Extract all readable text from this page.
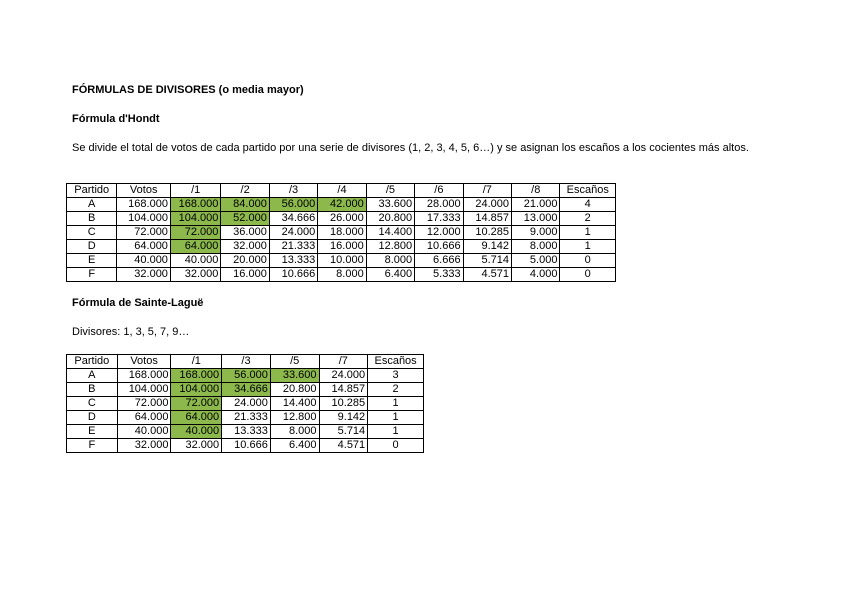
FÓRMULAS DE DIVISORES (o media mayor)
Fórmula d'Hondt
Se divide el total de votos de cada partido por una serie de divisores (1, 2, 3, 4, 5, 6…) y se asignan los escaños a los cocientes más altos.
Fórmula de Sainte-Laguë
Divisores: 1, 3, 5, 7, 9…
Partido	Votos	/1	/2	/3	/4	/5	/6	/7	/8	Escaños
A	168.000	168.000	84.000	56.000	42.000	33.600	28.000	24.000	21.000	4
B	104.000	104.000	52.000	34.666	26.000	20.800	17.333	14.857	13.000	2
C	72.000	72.000	36.000	24.000	18.000	14.400	12.000	10.285	9.000	1
D	64.000	64.000	32.000	21.333	16.000	12.800	10.666	9.142	8.000	1
E	40.000	40.000	20.000	13.333	10.000	8.000	6.666	5.714	5.000	0
F	32.000	32.000	16.000	10.666	8.000	6.400	5.333	4.571	4.000	0
Partido	Votos	/1	/3	/5	/7	Escaños
A	168.000	168.000	56.000	33.600	24.000	3
B	104.000	104.000	34.666	20.800	14.857	2
C	72.000	72.000	24.000	14.400	10.285	1
D	64.000	64.000	21.333	12.800	9.142	1
E	40.000	40.000	13.333	8.000	5.714	1
F	32.000	32.000	10.666	6.400	4.571	0
